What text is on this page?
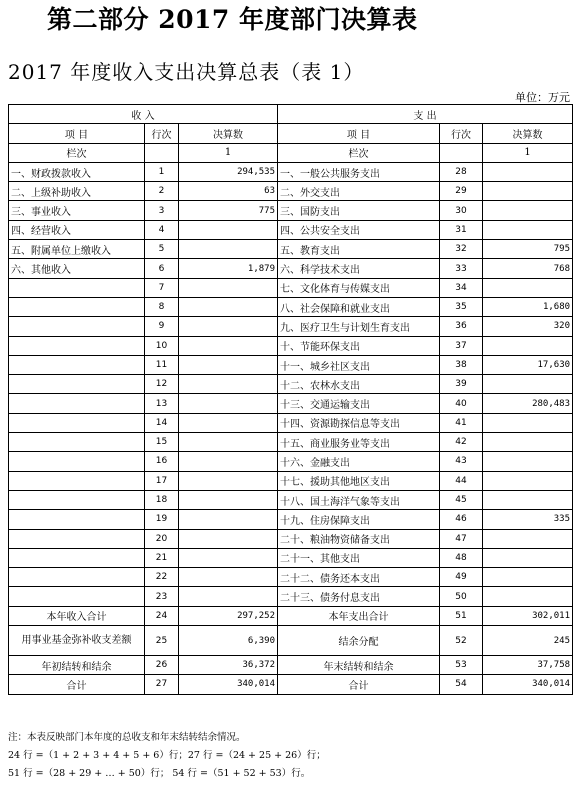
第二部分 2017 年度部门决算表
2017 年度收入支出决算总表（表 1）
单位：万元
收 入			支 出		
项 目	行次	决算数	项 目	行次	决算数
栏次		1	栏次		1
一、财政拨款收入	1	294,535	一、一般公共服务支出	28	
二、上级补助收入	2	63	二、外交支出	29	
三、事业收入	3	775	三、国防支出	30	
四、经营收入	4		四、公共安全支出	31	
五、附属单位上缴收入	5		五、教育支出	32	795
六、其他收入	6	1,879	六、科学技术支出	33	768
	7		七、文化体育与传媒支出	34	
	8		八、社会保障和就业支出	35	1,680
	9		九、医疗卫生与计划生育支出	36	320
	10		十、节能环保支出	37	
	11		十一、城乡社区支出	38	17,630
	12		十二、农林水支出	39	
	13		十三、交通运输支出	40	280,483
	14		十四、资源勘探信息等支出	41	
	15		十五、商业服务业等支出	42	
	16		十六、金融支出	43	
	17		十七、援助其他地区支出	44	
	18		十八、国土海洋气象等支出	45	
	19		十九、住房保障支出	46	335
	20		二十、粮油物资储备支出	47	
	21		二十一、其他支出	48	
	22		二十二、债务还本支出	49	
	23		二十三、债务付息支出	50	
本年收入合计	24	297,252	本年支出合计	51	302,011
用事业基金弥补收支差额	25	6,390	结余分配	52	245
年初结转和结余	26	36,372	年末结转和结余	53	37,758
合计	27	340,014	合计	54	340,014
注：本表反映部门本年度的总收支和年末结转结余情况。
24 行 =（1 + 2 + 3 + 4 + 5 + 6）行；27 行 =（24 + 25 + 26）行；
51 行 =（28 + 29 + … + 50）行； 54 行 =（51 + 52 + 53）行。
